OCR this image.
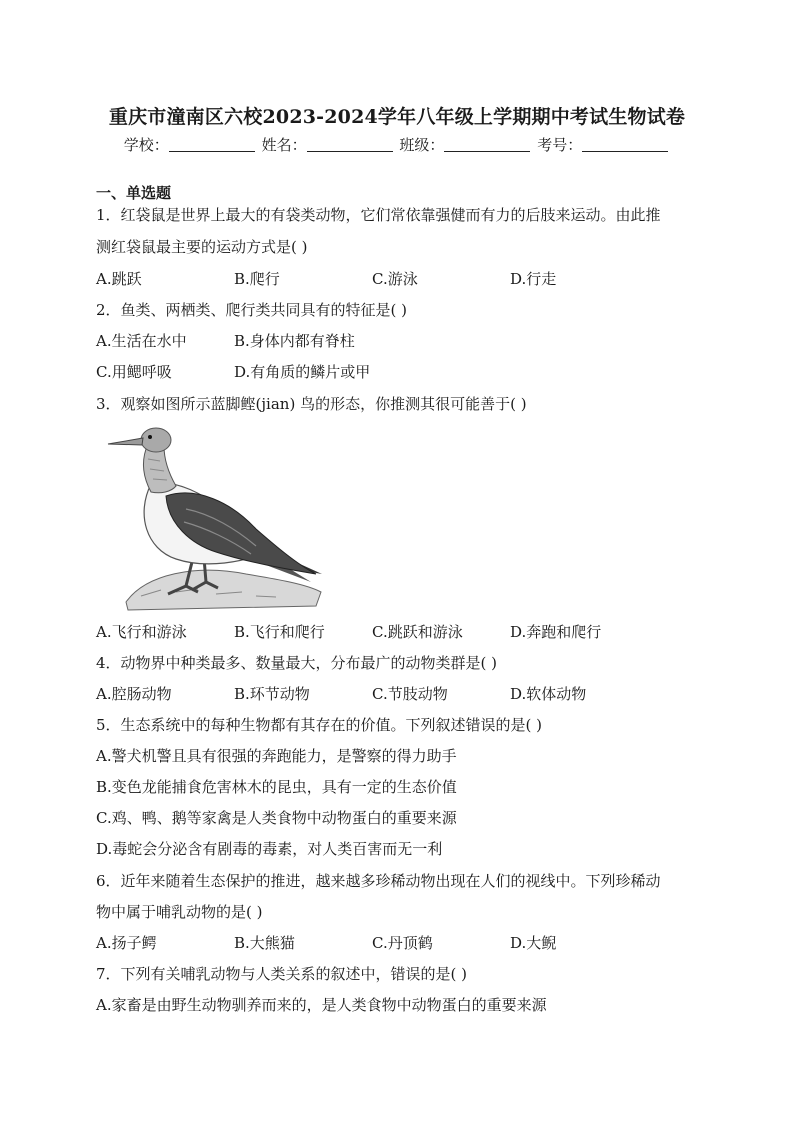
重庆市潼南区六校2023-2024学年八年级上学期期中考试生物试卷
学校：	姓名：	班级：	考号：
一、单选题
1．红袋鼠是世界上最大的有袋类动物，它们常依靠强健而有力的后肢来运动。由此推
测红袋鼠最主要的运动方式是( )
A.跳跃	B.爬行	C.游泳	D.行走
2．鱼类、两栖类、爬行类共同具有的特征是( )
A.生活在水中	B.身体内都有脊柱
C.用鳃呼吸	D.有角质的鳞片或甲
3．观察如图所示蓝脚鲣(jian) 鸟的形态，你推测其很可能善于( )
A.飞行和游泳	B.飞行和爬行	C.跳跃和游泳	D.奔跑和爬行
4．动物界中种类最多、数量最大，分布最广的动物类群是( )
A.腔肠动物	B.环节动物	C.节肢动物	D.软体动物
5．生态系统中的每种生物都有其存在的价值。下列叙述错误的是( )
A.警犬机警且具有很强的奔跑能力，是警察的得力助手
B.变色龙能捕食危害林木的昆虫，具有一定的生态价值
C.鸡、鸭、鹅等家禽是人类食物中动物蛋白的重要来源
D.毒蛇会分泌含有剧毒的毒素，对人类百害而无一利
6．近年来随着生态保护的推进，越来越多珍稀动物出现在人们的视线中。下列珍稀动
物中属于哺乳动物的是( )
A.扬子鳄	B.大熊猫	C.丹顶鹤	D.大鲵
7．下列有关哺乳动物与人类关系的叙述中，错误的是( )
A.家畜是由野生动物驯养而来的，是人类食物中动物蛋白的重要来源
